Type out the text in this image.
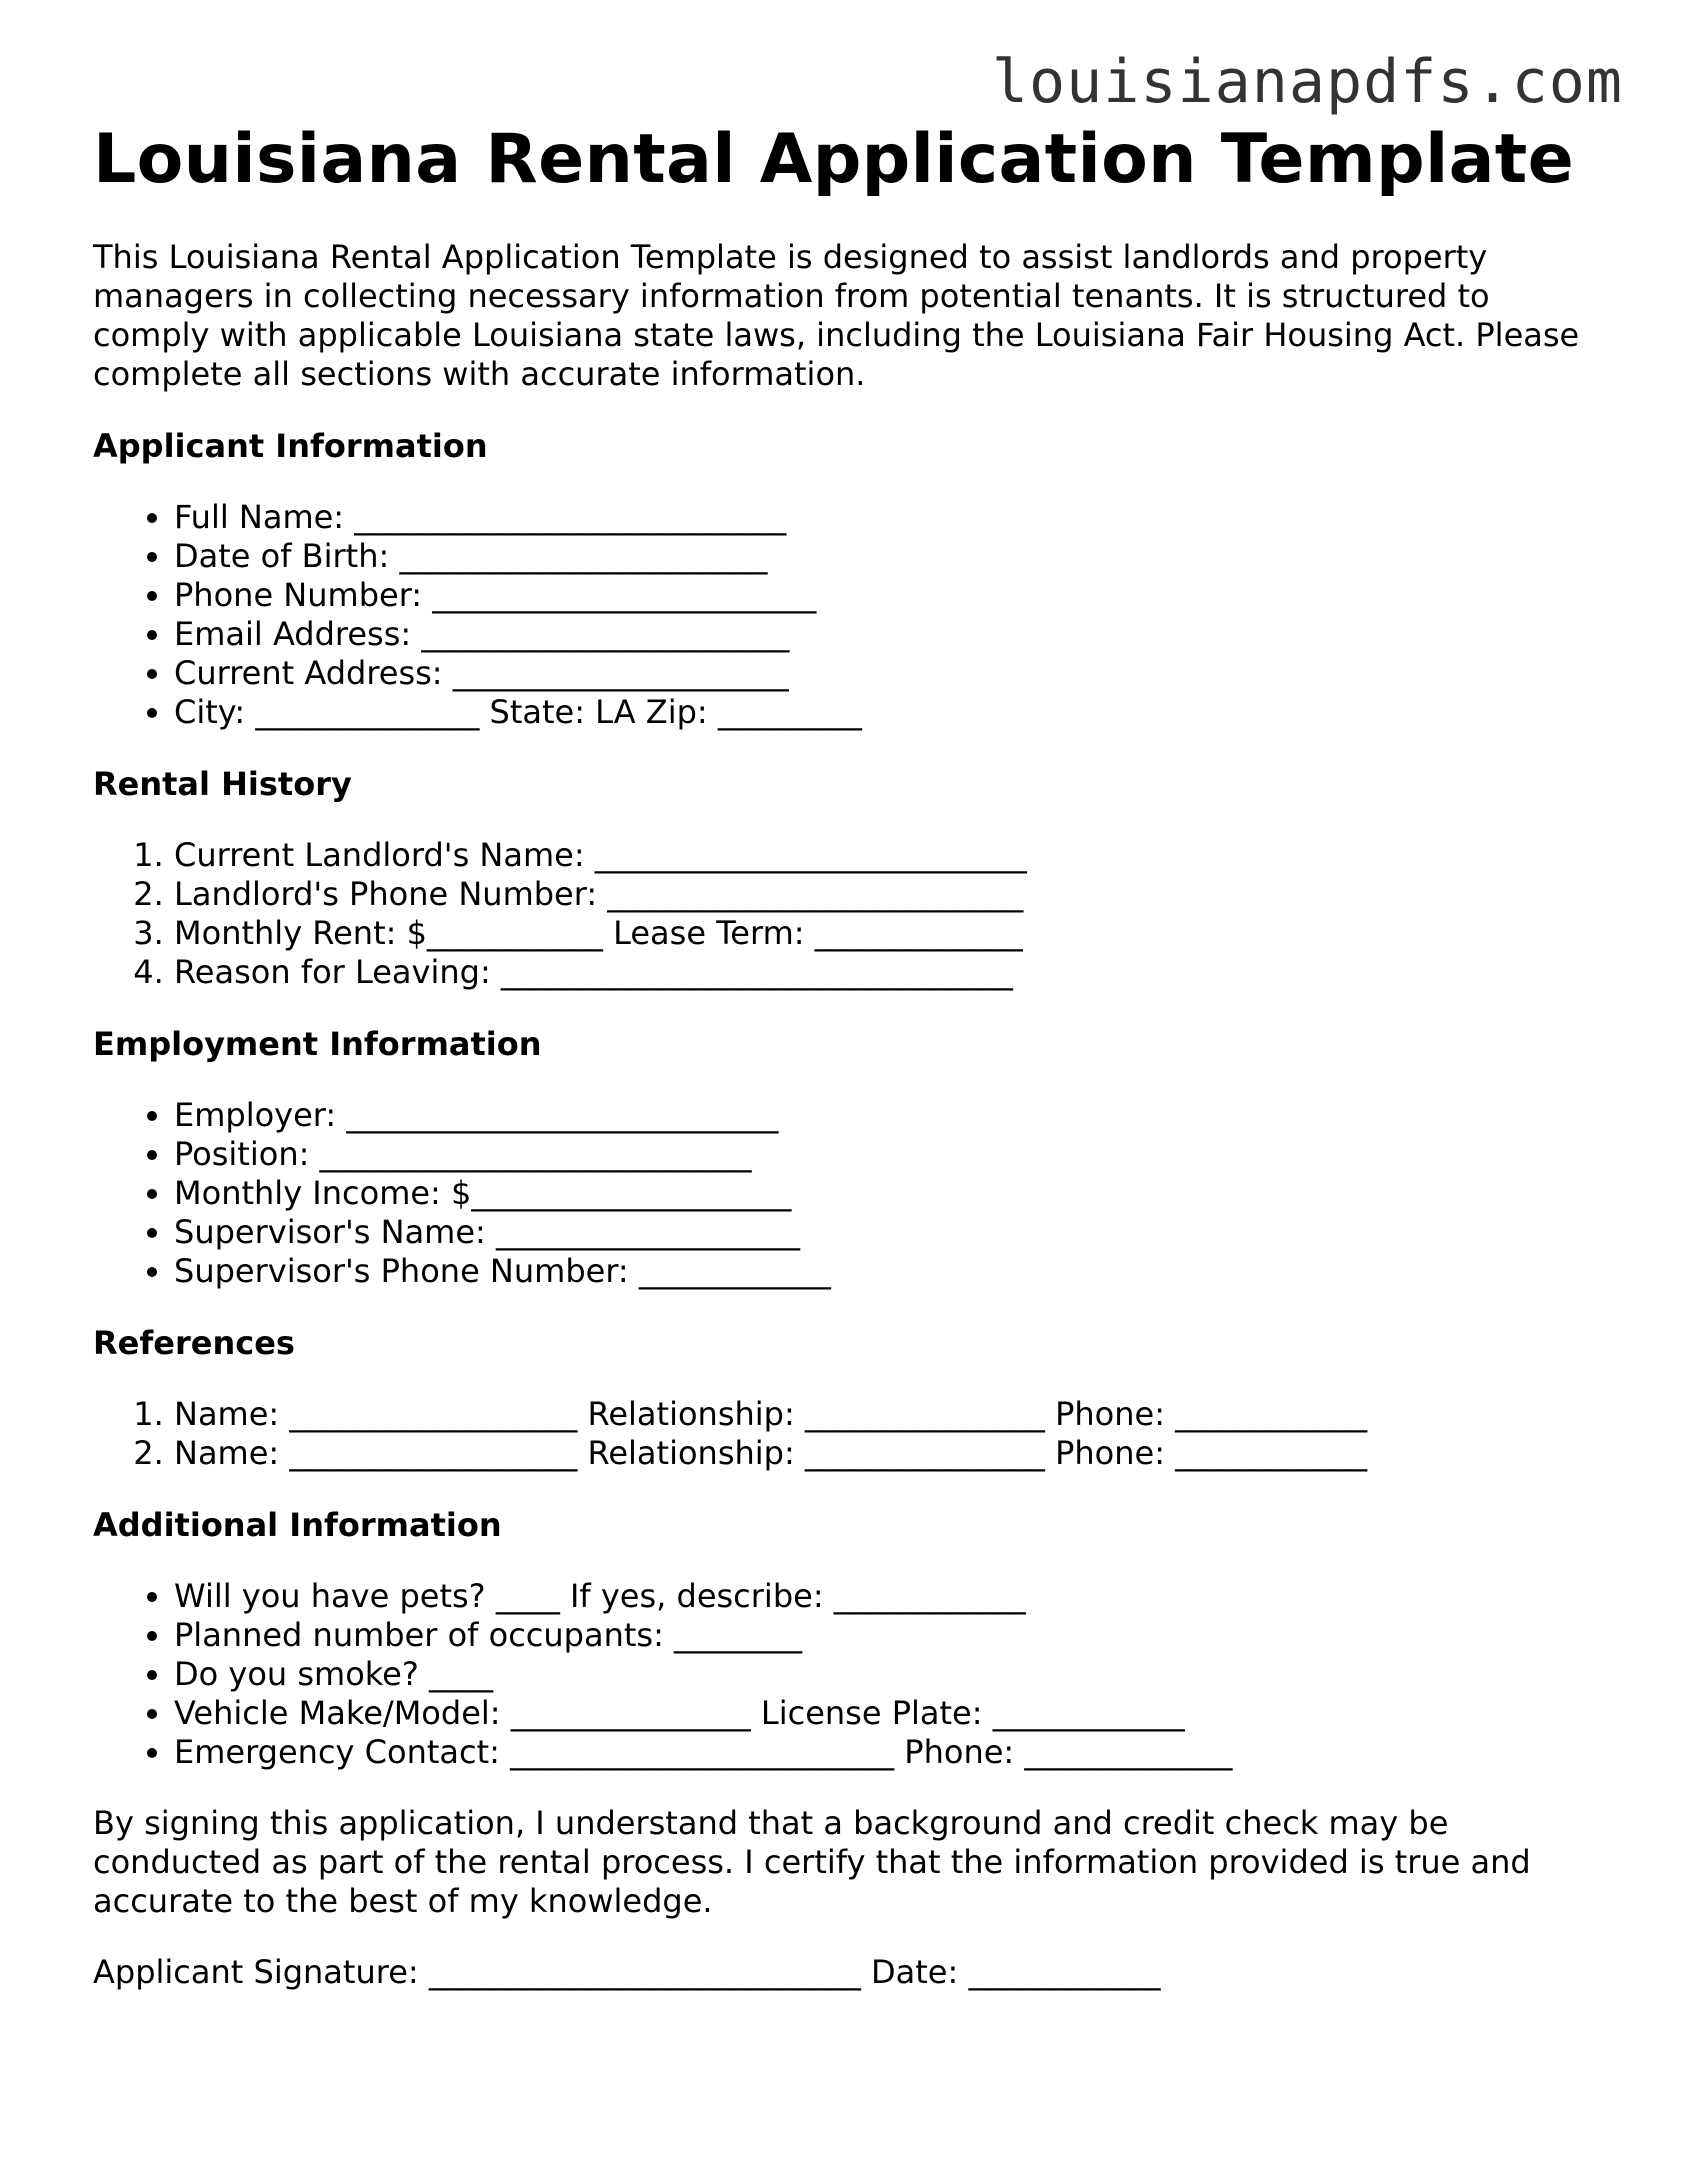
louisianapdfs.com
Louisiana Rental Application Template

This Louisiana Rental Application Template is designed to assist landlords and property managers in collecting necessary information from potential tenants. It is structured to comply with applicable Louisiana state laws, including the Louisiana Fair Housing Act. Please complete all sections with accurate information.

Applicant Information
• Full Name: ___________________________
• Date of Birth: _______________________
• Phone Number: ________________________
• Email Address: _______________________
• Current Address: _____________________
• City: ______________ State: LA Zip: _________
Rental History
1. Current Landlord's Name: ___________________________
2. Landlord's Phone Number: __________________________
3. Monthly Rent: $___________ Lease Term: _____________
4. Reason for Leaving: ________________________________
Employment Information
• Employer: ___________________________
• Position: ___________________________
• Monthly Income: $____________________
• Supervisor's Name: ___________________
• Supervisor's Phone Number: ____________
References
1. Name: __________________ Relationship: _______________ Phone: ____________
2. Name: __________________ Relationship: _______________ Phone: ____________
Additional Information
• Will you have pets? ____ If yes, describe: ____________
• Planned number of occupants: ________
• Do you smoke? ____
• Vehicle Make/Model: _______________ License Plate: ____________
• Emergency Contact: ________________________ Phone: _____________

By signing this application, I understand that a background and credit check may be conducted as part of the rental process. I certify that the information provided is true and accurate to the best of my knowledge.

Applicant Signature: ___________________________ Date: ____________
